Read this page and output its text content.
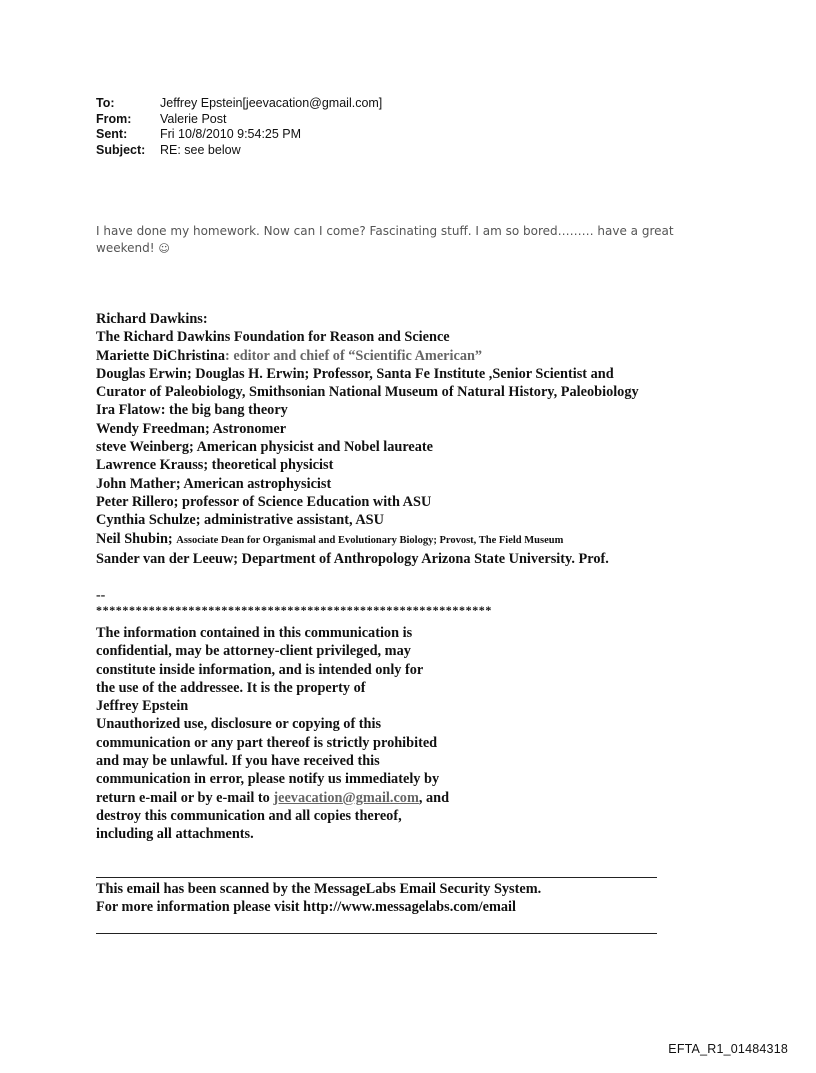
To:	Jeffrey Epstein[jeevacation@gmail.com]
From:	Valerie Post
Sent:	Fri 10/8/2010 9:54:25 PM
Subject:	RE: see below
I have done my homework. Now can I come? Fascinating stuff. I am so bored……… have a great
weekend! ☺
Richard Dawkins:
The Richard Dawkins Foundation for Reason and Science
Mariette DiChristina: editor and chief of “Scientific American”
Douglas Erwin; Douglas H. Erwin; Professor, Santa Fe Institute ,Senior Scientist and
Curator of Paleobiology, Smithsonian National Museum of Natural History, Paleobiology
Ira Flatow: the big bang theory
Wendy Freedman; Astronomer
steve Weinberg; American physicist and Nobel laureate
Lawrence Krauss; theoretical physicist
John Mather; American astrophysicist
Peter Rillero; professor of Science Education with ASU
Cynthia Schulze; administrative assistant, ASU
Neil Shubin; Associate Dean for Organismal and Evolutionary Biology; Provost, The Field Museum
Sander van der Leeuw; Department of Anthropology Arizona State University. Prof.
--
************************************************************
The information contained in this communication is
confidential, may be attorney-client privileged, may
constitute inside information, and is intended only for
the use of the addressee. It is the property of
Jeffrey Epstein
Unauthorized use, disclosure or copying of this
communication or any part thereof is strictly prohibited
and may be unlawful. If you have received this
communication in error, please notify us immediately by
return e-mail or by e-mail to jeevacation@gmail.com, and
destroy this communication and all copies thereof,
including all attachments.
This email has been scanned by the MessageLabs Email Security System.
For more information please visit http://www.messagelabs.com/email
EFTA_R1_01484318
